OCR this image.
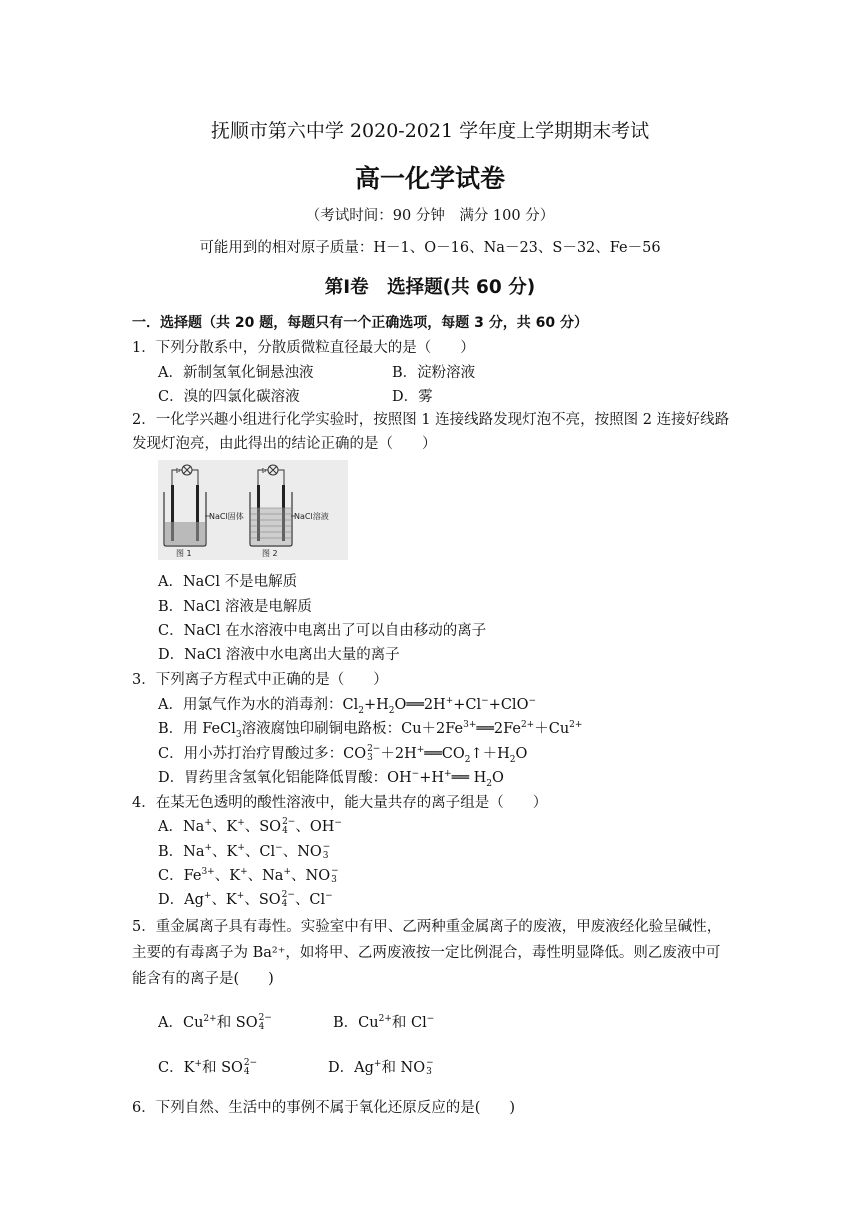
抚顺市第六中学 2020-2021 学年度上学期期末考试
高一化学试卷
（考试时间：90 分钟　满分 100 分）
可能用到的相对原子质量：H－1、O－16、Na－23、S－32、Fe－56
第Ⅰ卷　选择题(共 60 分)
一．选择题（共 20 题，每题只有一个正确选项，每题 3 分，共 60 分）
1．下列分散系中，分散质微粒直径最大的是（　　）
A．新制氢氧化铜悬浊液	B．淀粉溶液
C．溴的四氯化碳溶液	D．雾
2．一化学兴趣小组进行化学实验时，按照图 1 连接线路发现灯泡不亮，按照图 2 连接好线路发现灯泡亮，由此得出的结论正确的是（　　）
NaCl固体
图 1
NaCl溶液
图 2
A．NaCl 不是电解质
B．NaCl 溶液是电解质
C．NaCl 在水溶液中电离出了可以自由移动的离子
D．NaCl 溶液中水电离出大量的离子
3．下列离子方程式中正确的是（　　）
A．用氯气作为水的消毒剂：$Cl_2+H_2O══2H^++Cl^-+ClO^-$
B．用 FeCl$_3$溶液腐蚀印刷铜电路板：$Cu+2Fe^{3+}══2Fe^{2+}+Cu^{2+}$
C．用小苏打治疗胃酸过多：CO 2−
$3 +2H^+══CO_2↑+H_2O$
D．胃药里含氢氧化铝能降低胃酸：OH−+H+══ $H_2O$
4．在某无色透明的酸性溶液中，能大量共存的离子组是（　　）
A．Na+、K+、SO 2−
4 、OH−
B．Na+、K+、Cl−、NO −
3
C．$Fe^{3+}$、K+、Na+、NO −
3
D．Ag+、K+、SO 2−
4 、Cl−
5．重金属离子具有毒性。实验室中有甲、乙两种重金属离子的废液，甲废液经化验呈碱性，主要的有毒离子为 Ba²⁺，如将甲、乙两废液按一定比例混合，毒性明显降低。则乙废液中可能含有的离子是(　　)
A．$Cu^{2+}$和 SO 2−
4	B．$Cu^{2+}$和 Cl−
C．K+和 SO 2−
4	D．Ag+和 NO −
3
6．下列自然、生活中的事例不属于氧化还原反应的是(　　)
